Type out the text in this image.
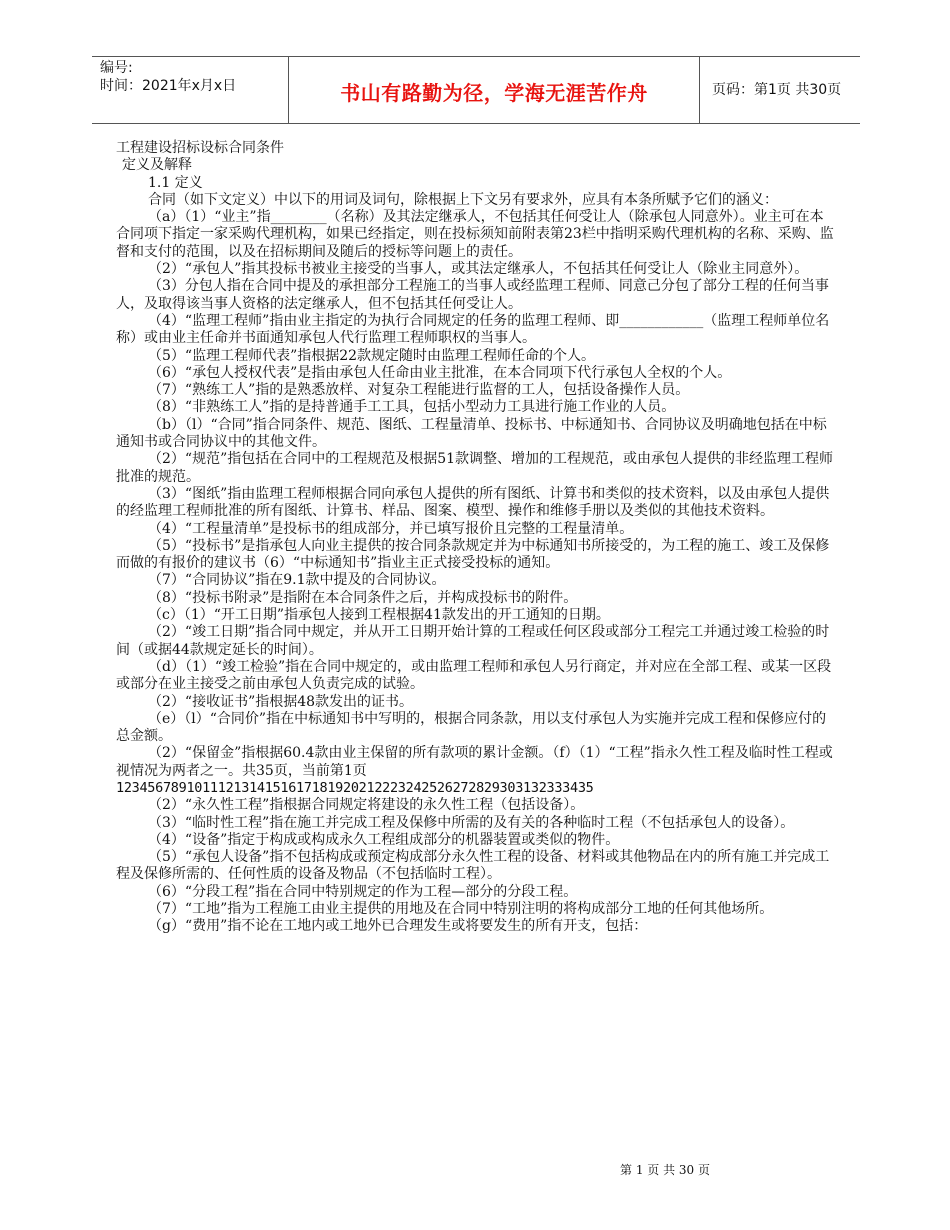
编号:
时间：2021年x月x日	书山有路勤为径，学海无涯苦作舟	页码：第1页 共30页

工程建设招标设标合同条件

定义及解释

1.1 定义

合同（如下文定义）中以下的用词及词句，除根据上下文另有要求外，应具有本条所赋予它们的涵义：

（a）（1）“业主”指________（名称）及其法定继承人，不包括其任何受让人（除承包人同意外）。业主可在本合同项下指定一家采购代理机构，如果已经指定，则在投标须知前附表第23栏中指明采购代理机构的名称、采购、监督和支付的范围，以及在招标期间及随后的授标等问题上的责任。

（2）“承包人”指其投标书被业主接受的当事人，或其法定继承人，不包括其任何受让人（除业主同意外）。

（3）分包人指在合同中提及的承担部分工程施工的当事人或经监理工程师、同意己分包了部分工程的任何当事人，及取得该当事人资格的法定继承人，但不包括其任何受让人。

（4）“监理工程师”指由业主指定的为执行合同规定的任务的监理工程师、即____________（监理工程师单位名称）或由业主任命并书面通知承包人代行监理工程师职权的当事人。

（5）“监理工程师代表”指根据22款规定随时由监理工程师任命的个人。

（6）“承包人授权代表”是指由承包人任命由业主批准，在本合同项下代行承包人全权的个人。

（7）“熟练工人”指的是熟悉放样、对复杂工程能进行监督的工人，包括设备操作人员。

（8）“非熟练工人”指的是持普通手工工具，包括小型动力工具进行施工作业的人员。

（b）（l）“合同”指合同条件、规范、图纸、工程量清单、投标书、中标通知书、合同协议及明确地包括在中标通知书或合同协议中的其他文件。

（2）“规范”指包括在合同中的工程规范及根据51款调整、增加的工程规范，或由承包人提供的非经监理工程师批准的规范。

（3）“图纸”指由监理工程师根据合同向承包人提供的所有图纸、计算书和类似的技术资料，以及由承包人提供的经监理工程师批准的所有图纸、计算书、样品、图案、模型、操作和维修手册以及类似的其他技术资料。

（4）“工程量清单”是投标书的组成部分，并已填写报价且完整的工程量清单。

（5）“投标书”是指承包人向业主提供的按合同条款规定并为中标通知书所接受的，为工程的施工、竣工及保修而做的有报价的建议书（6）“中标通知书”指业主正式接受投标的通知。

（7）“合同协议”指在9.1款中提及的合同协议。

（8）“投标书附录”是指附在本合同条件之后，并构成投标书的附件。

（c）（1）“开工日期”指承包人接到工程根据41款发出的开工通知的日期。

（2）“竣工日期”指合同中规定，并从开工日期开始计算的工程或任何区段或部分工程完工并通过竣工检验的时间（或据44款规定延长的时间）。

（d）（1）“竣工检验”指在合同中规定的，或由监理工程师和承包人另行商定，并对应在全部工程、或某一区段或部分在业主接受之前由承包人负责完成的试验。

（2）“接收证书”指根据48款发出的证书。

（e）（l）“合同价”指在中标通知书中写明的，根据合同条款，用以支付承包人为实施并完成工程和保修应付的总金额。

（2）“保留金”指根据60.4款由业主保留的所有款项的累计金额。（f）（1）“工程”指永久性工程及临时性工程或视情况为两者之一。共35页，当前第1页

1234567891011121314151617181920212223242526272829303132333435

（2）“永久性工程”指根据合同规定将建设的永久性工程（包括设备）。

（3）“临时性工程”指在施工并完成工程及保修中所需的及有关的各种临时工程（不包括承包人的设备）。

（4）“设备”指定于构成或构成永久工程组成部分的机器装置或类似的物件。

（5）“承包人设备”指不包括构成或预定构成部分永久性工程的设备、材料或其他物品在内的所有施工并完成工程及保修所需的、任何性质的设备及物品（不包括临时工程）。

（6）“分段工程”指在合同中特别规定的作为工程—部分的分段工程。

（7）“工地”指为工程施工由业主提供的用地及在合同中特别注明的将构成部分工地的任何其他场所。

（g）“费用”指不论在工地内或工地外已合理发生或将要发生的所有开支，包括：

第 1 页 共 30 页
